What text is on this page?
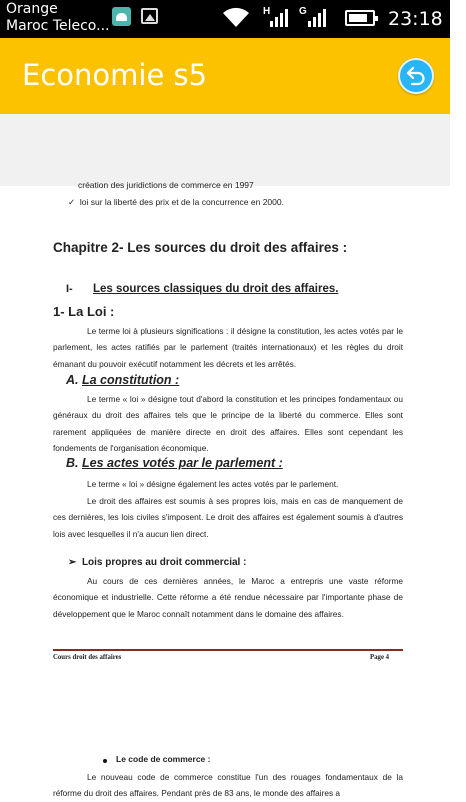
Orange
Maroc Teleco...
H	G	23:18
Economie s5
création des juridictions de commerce en 1997
✓  loi sur la liberté des prix et de la concurrence en 2000.
Chapitre 2- Les sources du droit des affaires :
I-	Les sources classiques du droit des affaires.
1- La Loi :
Le terme loi à plusieurs significations : il désigne la constitution, les actes votés par le parlement, les actes ratifiés par le parlement (traités internationaux) et les règles du droit émanant du pouvoir exécutif notamment les décrets et les arrêtés.
A. La constitution :
Le terme « loi » désigne tout d'abord la constitution et les principes fondamentaux ou généraux du droit des affaires tels que le principe de la liberté du commerce. Elles sont rarement appliquées de manière directe en droit des affaires. Elles sont cependant les fondements de l'organisation économique.
B. Les actes votés par le parlement :
Le terme « loi » désigne également les actes votés par le parlement.
Le droit des affaires est soumis à ses propres lois, mais en cas de manquement de ces dernières, les lois civiles s'imposent. Le droit des affaires est également soumis à d'autres lois avec lesquelles il n'a aucun lien direct.
➢  Lois propres au droit commercial :
Au cours de ces dernières années, le Maroc a entrepris une vaste réforme économique et industrielle. Cette réforme a été rendue nécessaire par l'importante phase de développement que le Maroc connaît notamment dans le domaine des affaires.
Cours droit des affaires	Page 4
Le code de commerce :
Le nouveau code de commerce constitue l'un des rouages fondamentaux de la réforme du droit des affaires. Pendant près de 83 ans, le monde des affaires a
